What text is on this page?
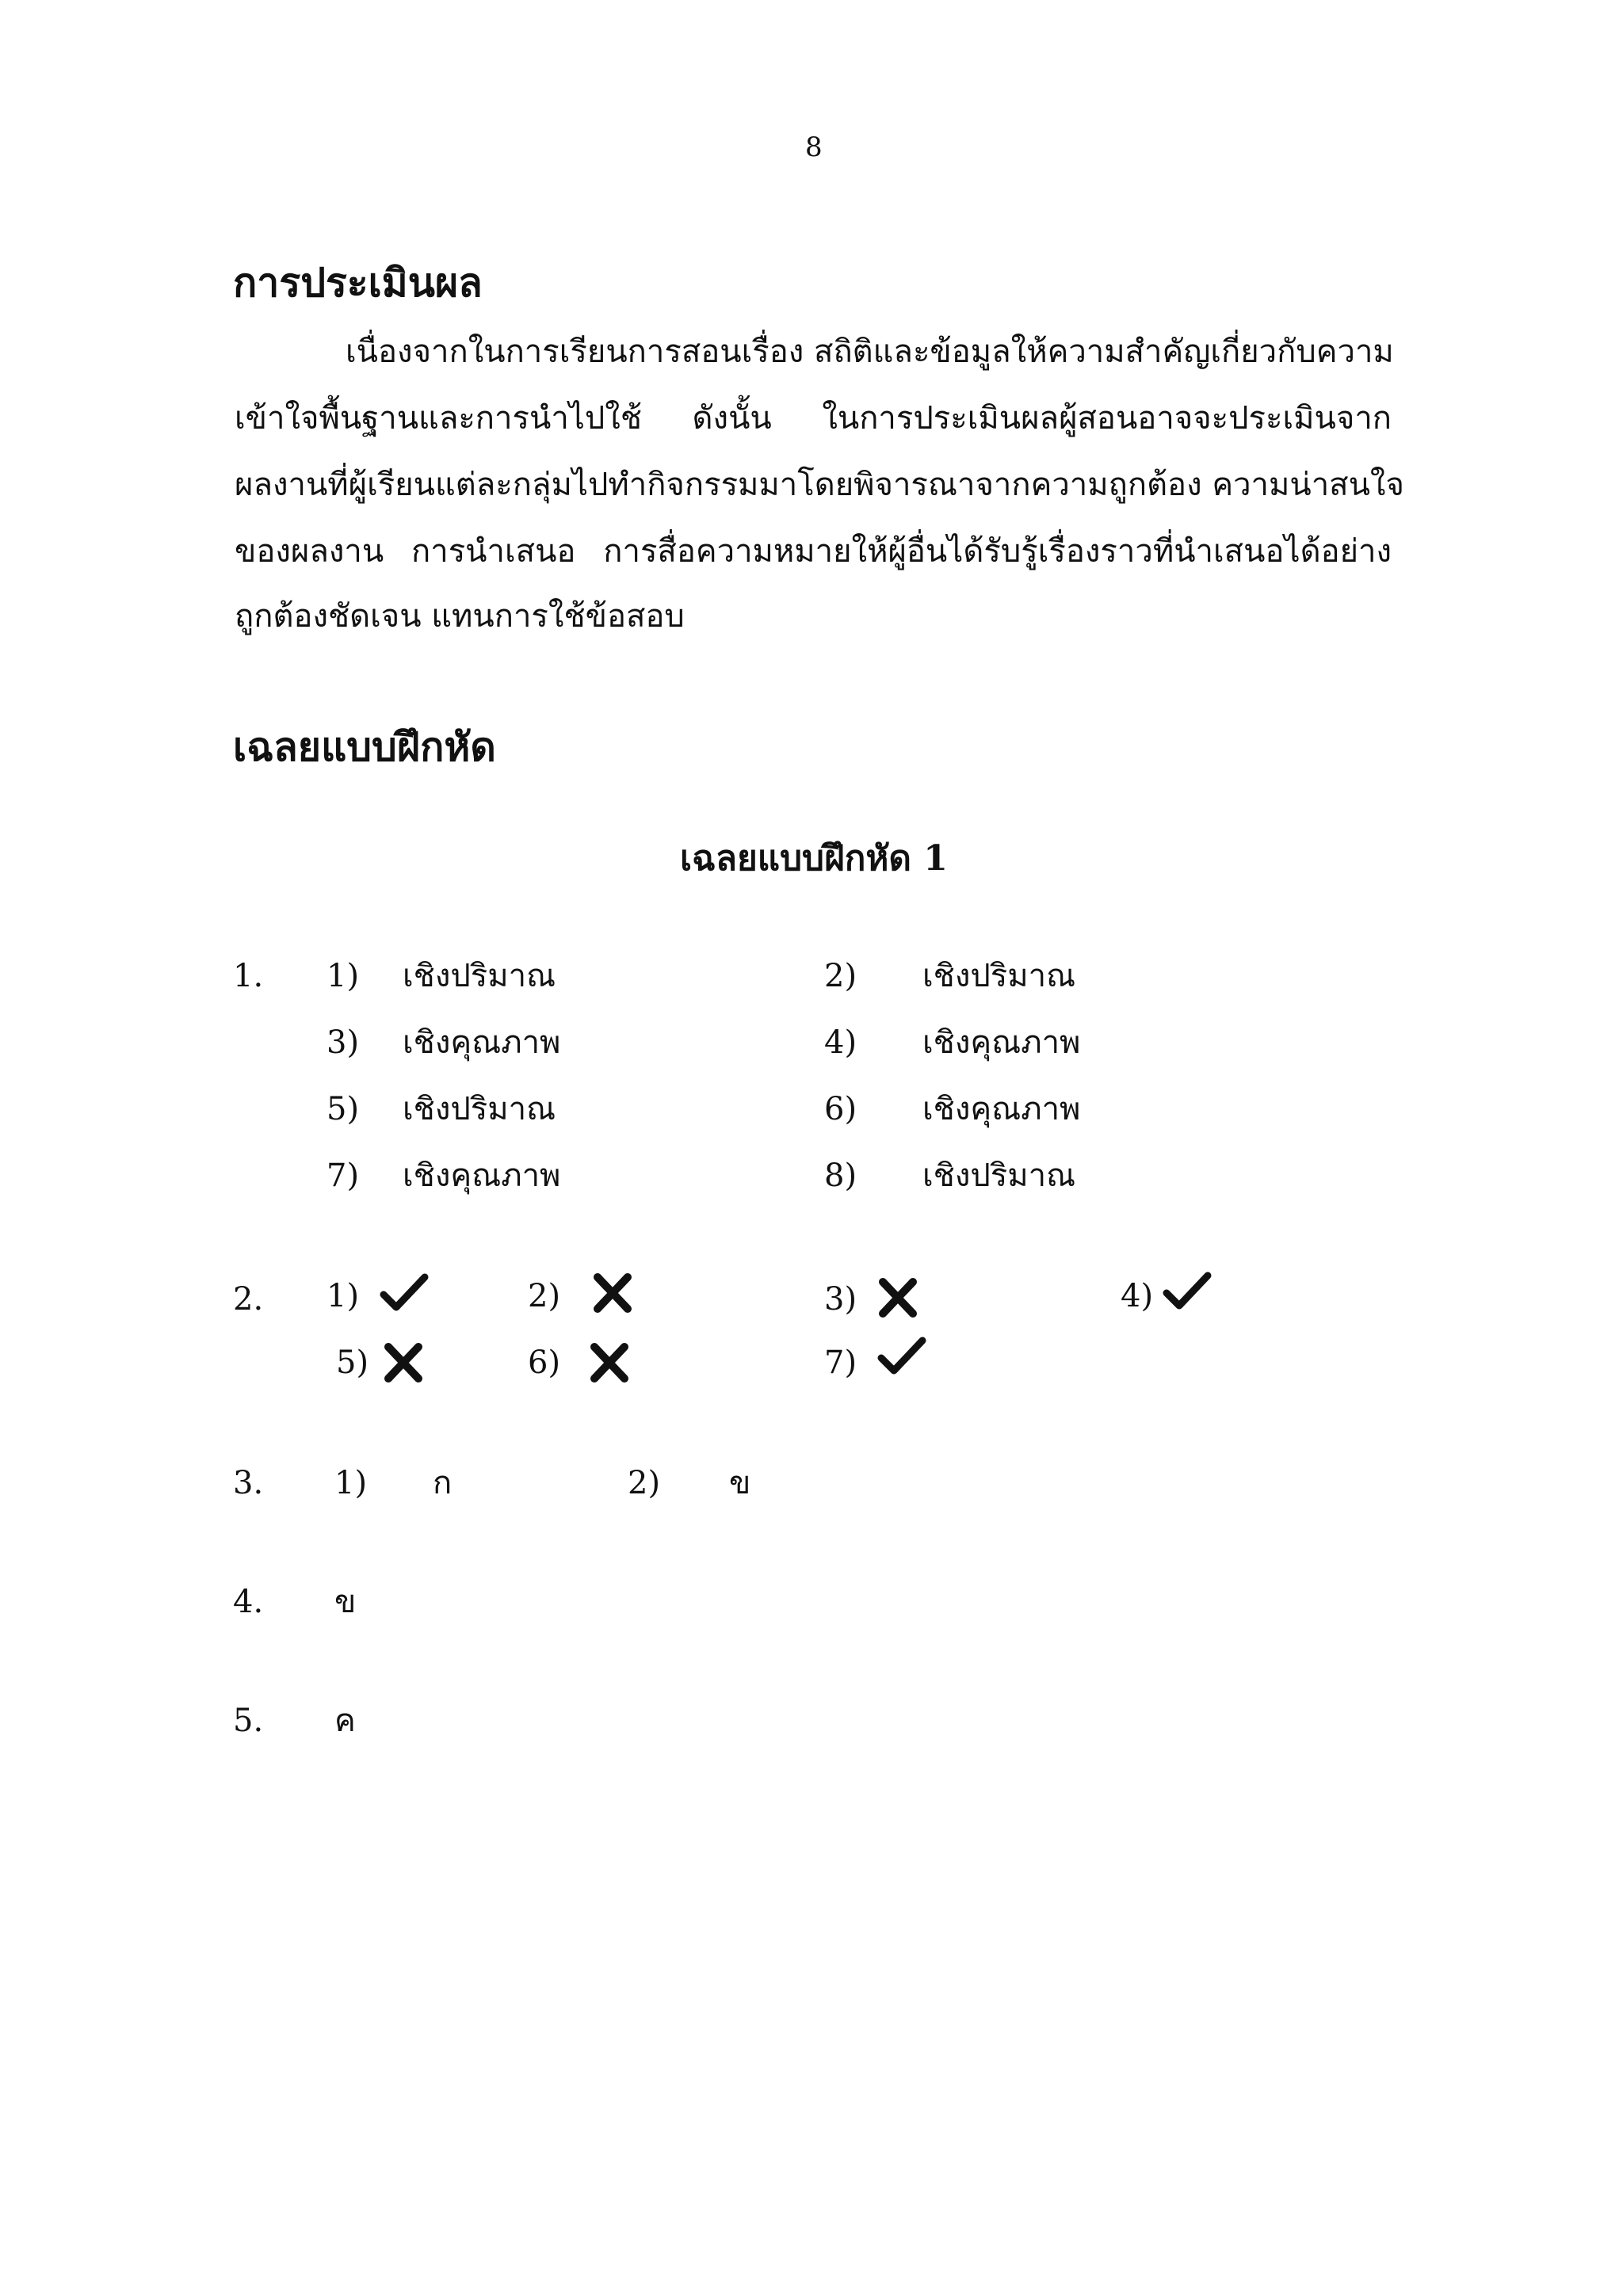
8
การประเมินผล
เนื่องจากในการเรียนการสอนเรื่อง สถิติและข้อมูลให้ความสำคัญเกี่ยวกับความ
เข้าใจพื้นฐานและการนำไปใช้ ดังนั้น ในการประเมินผลผู้สอนอาจจะประเมินจาก
ผลงานที่ผู้เรียนแต่ละกลุ่มไปทำกิจกรรมมาโดยพิจารณาจากความถูกต้อง ความน่าสนใจ
ของผลงาน การนำเสนอ การสื่อความหมายให้ผู้อื่นได้รับรู้เรื่องราวที่นำเสนอได้อย่าง
ถูกต้องชัดเจน แทนการใช้ข้อสอบ
เฉลยแบบฝึกหัด
เฉลยแบบฝึกหัด 1
1. 1) เชิงปริมาณ	2) เชิงปริมาณ
3) เชิงคุณภาพ	4) เชิงคุณภาพ
5) เชิงปริมาณ	6) เชิงคุณภาพ
7) เชิงคุณภาพ	8) เชิงปริมาณ
2. 1)	2)	3)	4)
5)	6)	7)
3. 1) ก	2) ข
4. ข
5. ค
